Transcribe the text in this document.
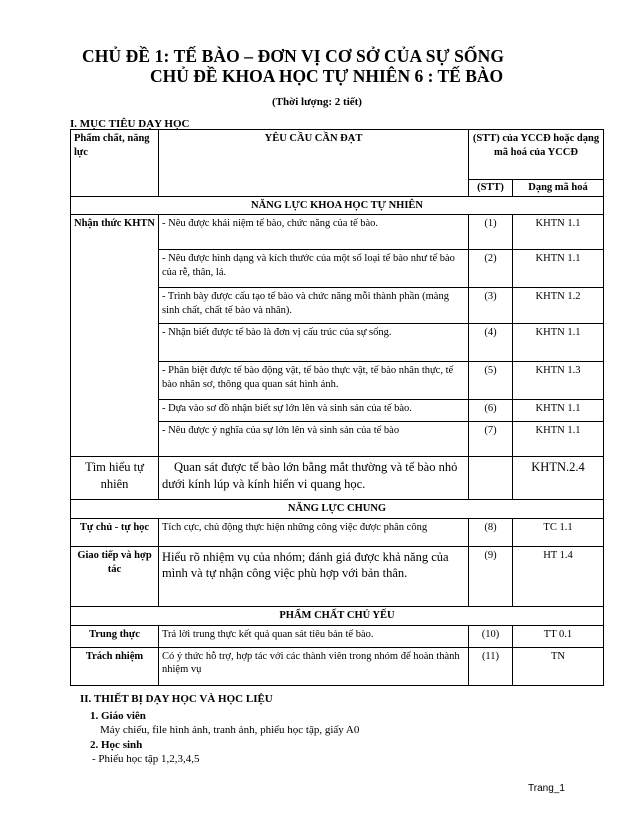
CHỦ ĐỀ 1: TẾ BÀO – ĐƠN VỊ CƠ SỞ CỦA SỰ SỐNG
CHỦ ĐỀ KHOA HỌC TỰ NHIÊN 6 : TẾ BÀO
(Thời lượng: 2 tiết)
I. MỤC TIÊU DẠY HỌC
Phẩm chất, năng lực	YÊU CẦU CẦN ĐẠT	(STT) của YCCĐ hoặc dạng mã hoá của YCCĐ	
		(STT)	Dạng mã hoá
NĂNG LỰC KHOA HỌC TỰ NHIÊN			
Nhận thức KHTN	- Nêu được khái niệm tế bào, chức năng của tế bào.	(1)	KHTN 1.1
	- Nêu được hình dạng và kích thước của một số loại tế bào như tế bào của rễ, thân, lá.	(2)	KHTN 1.1
	- Trình bày được cấu tạo tế bào và chức năng mỗi thành phần (màng sinh chất, chất tế bào và nhân).	(3)	KHTN 1.2
	- Nhận biết được tế bào là đơn vị cấu trúc của sự sống.	(4)	KHTN 1.1
	- Phân biệt được tế bào động vật, tế bào thực vật, tế bào nhân thực, tế bào nhân sơ, thông qua quan sát hình ảnh.	(5)	KHTN 1.3
	- Dựa vào sơ đồ nhận biết sự lớn lên và sinh sản của tế bào.	(6)	KHTN 1.1
	- Nêu được ý nghĩa của sự lớn lên và sinh sản của tế bào	(7)	KHTN 1.1
Tìm hiểu tự nhiên	Quan sát được tế bào lớn bằng mắt thường và tế bào nhỏ dưới kính lúp và kính hiển vi quang học.		KHTN.2.4
NĂNG LỰC CHUNG			
Tự chủ - tự học	Tích cực, chủ động thực hiện những công việc được phân công	(8)	TC 1.1
Giao tiếp và hợp tác	Hiểu rõ nhiệm vụ của nhóm; đánh giá được khả năng của mình và tự nhận công việc phù hợp với bản thân.	(9)	HT 1.4
PHẨM CHẤT CHỦ YẾU			
Trung thực	Trả lời trung thực kết quả quan sát tiêu bản tế bào.	(10)	TT 0.1
Trách nhiệm	Có ý thức hỗ trợ, hợp tác với các thành viên trong nhóm để hoàn thành nhiệm vụ	(11)	TN
II. THIẾT BỊ DẠY HỌC VÀ HỌC LIỆU
1. Giáo viên
Máy chiếu, file hình ảnh, tranh ảnh, phiếu học tập, giấy A0
2. Học sinh
- Phiếu học tập 1,2,3,4,5
Trang_1
